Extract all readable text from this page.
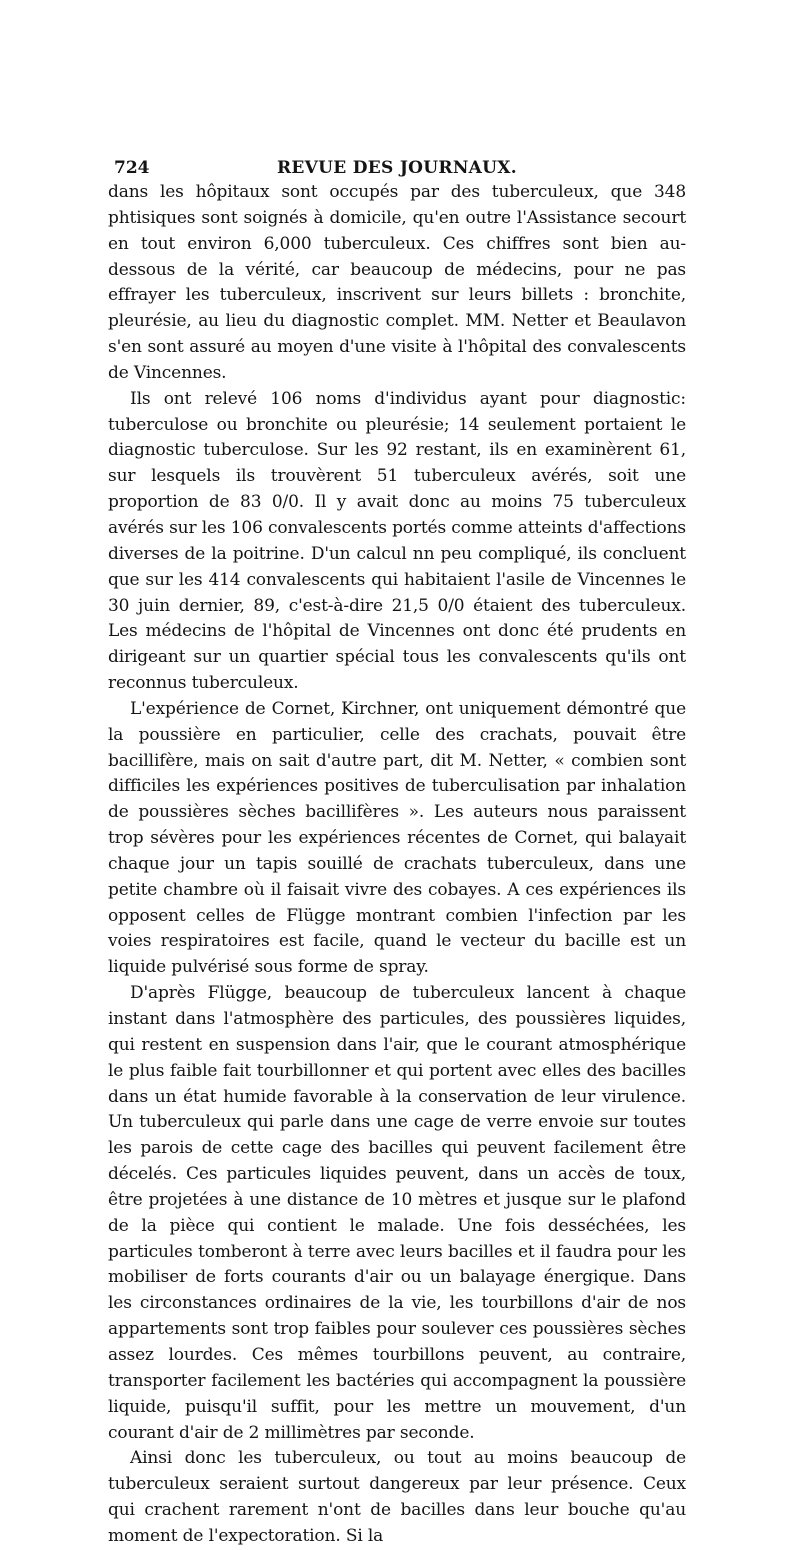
724	REVUE DES JOURNAUX.

dans les hôpitaux sont occupés par des tuberculeux, que 348 phtisiques sont soignés à domicile, qu'en outre l'Assistance secourt en tout environ 6,000 tuberculeux. Ces chiffres sont bien au-dessous de la vérité, car beaucoup de médecins, pour ne pas effrayer les tuberculeux, inscrivent sur leurs billets : bronchite, pleurésie, au lieu du diagnostic complet. MM. Netter et Beaulavon s'en sont assuré au moyen d'une visite à l'hôpital des convalescents de Vincennes.

Ils ont relevé 106 noms d'individus ayant pour diagnostic: tuberculose ou bronchite ou pleurésie; 14 seulement portaient le diagnostic tuberculose. Sur les 92 restant, ils en examinèrent 61, sur lesquels ils trouvèrent 51 tuberculeux avérés, soit une proportion de 83 0/0. Il y avait donc au moins 75 tuberculeux avérés sur les 106 convalescents portés comme atteints d'affections diverses de la poitrine. D'un calcul nn peu compliqué, ils concluent que sur les 414 convalescents qui habitaient l'asile de Vincennes le 30 juin dernier, 89, c'est-à-dire 21,5 0/0 étaient des tuberculeux. Les médecins de l'hôpital de Vincennes ont donc été prudents en dirigeant sur un quartier spécial tous les convalescents qu'ils ont reconnus tuberculeux.

L'expérience de Cornet, Kirchner, ont uniquement démontré que la poussière en particulier, celle des crachats, pouvait être bacillifère, mais on sait d'autre part, dit M. Netter, « combien sont difficiles les expériences positives de tuberculisation par inhalation de poussières sèches bacillifères ». Les auteurs nous paraissent trop sévères pour les expériences récentes de Cornet, qui balayait chaque jour un tapis souillé de crachats tuberculeux, dans une petite chambre où il faisait vivre des cobayes. A ces expériences ils opposent celles de Flügge montrant combien l'infection par les voies respiratoires est facile, quand le vecteur du bacille est un liquide pulvérisé sous forme de spray.

D'après Flügge, beaucoup de tuberculeux lancent à chaque instant dans l'atmosphère des particules, des poussières liquides, qui restent en suspension dans l'air, que le courant atmosphérique le plus faible fait tourbillonner et qui portent avec elles des bacilles dans un état humide favorable à la conservation de leur virulence. Un tuberculeux qui parle dans une cage de verre envoie sur toutes les parois de cette cage des bacilles qui peuvent facilement être décelés. Ces particules liquides peuvent, dans un accès de toux, être projetées à une distance de 10 mètres et jusque sur le plafond de la pièce qui contient le malade. Une fois desséchées, les particules tomberont à terre avec leurs bacilles et il faudra pour les mobiliser de forts courants d'air ou un balayage énergique. Dans les circonstances ordinaires de la vie, les tourbillons d'air de nos appartements sont trop faibles pour soulever ces poussières sèches assez lourdes. Ces mêmes tourbillons peuvent, au contraire, transporter facilement les bactéries qui accompagnent la poussière liquide, puisqu'il suffit, pour les mettre un mouvement, d'un courant d'air de 2 millimètres par seconde.

Ainsi donc les tuberculeux, ou tout au moins beaucoup de tuberculeux seraient surtout dangereux par leur présence. Ceux qui crachent rarement n'ont de bacilles dans leur bouche qu'au moment de l'expectoration. Si la
